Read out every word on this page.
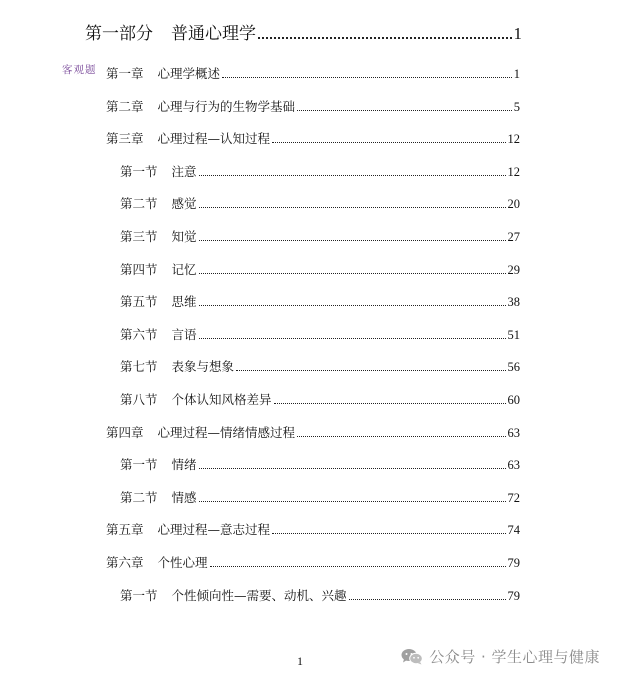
客观题
第一部分 普通心理学	1
第一章 心理学概述	1
第二章 心理与行为的生物学基础	5
第三章 心理过程—认知过程	12
第一节 注意	12
第二节 感觉	20
第三节 知觉	27
第四节 记忆	29
第五节 思维	38
第六节 言语	51
第七节 表象与想象	56
第八节 个体认知风格差异	60
第四章 心理过程—情绪情感过程	63
第一节 情绪	63
第二节 情感	72
第五章 心理过程—意志过程	74
第六章 个性心理	79
第一节 个性倾向性—需要、动机、兴趣	79
1	公众号 · 学生心理与健康
